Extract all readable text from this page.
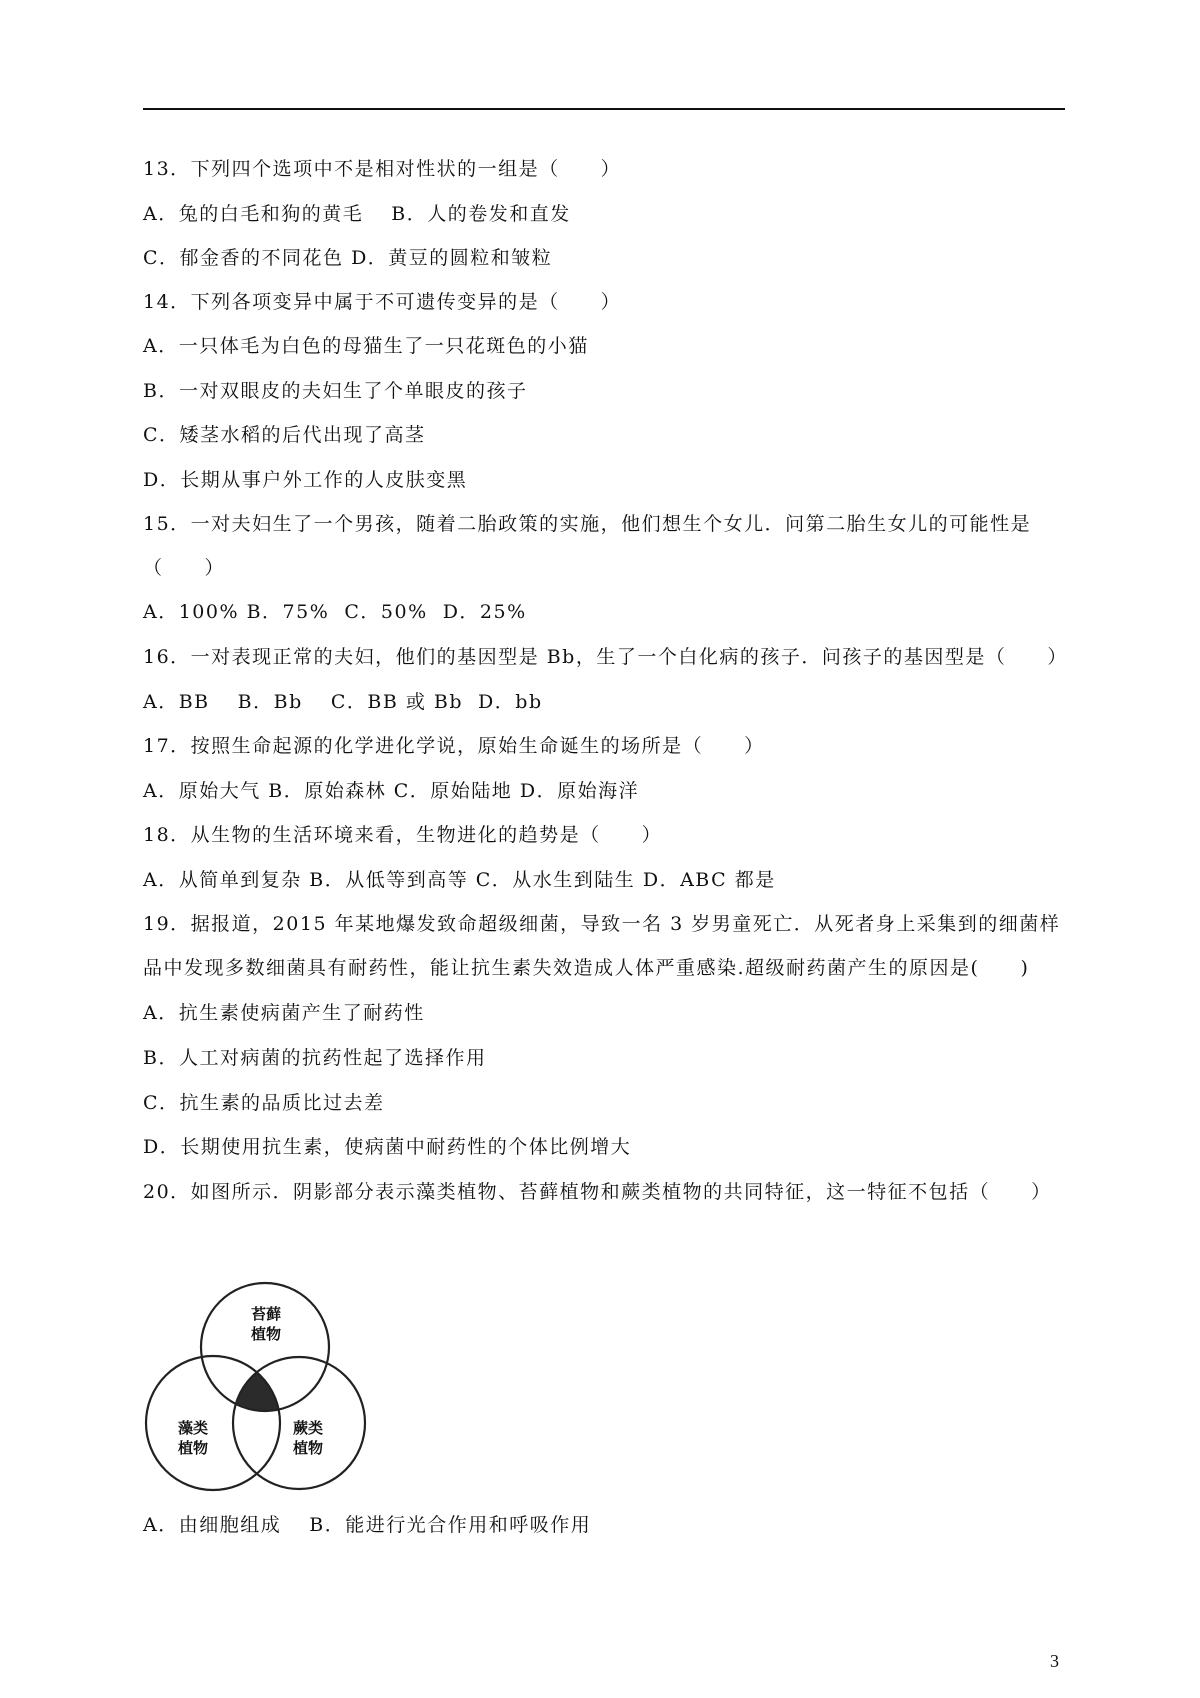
13．下列四个选项中不是相对性状的一组是（　　）
A．兔的白毛和狗的黄毛　 B．人的卷发和直发
C．郁金香的不同花色 D．黄豆的圆粒和皱粒
14．下列各项变异中属于不可遗传变异的是（　　）
A．一只体毛为白色的母猫生了一只花斑色的小猫
B．一对双眼皮的夫妇生了个单眼皮的孩子
C．矮茎水稻的后代出现了高茎
D．长期从事户外工作的人皮肤变黑
15．一对夫妇生了一个男孩，随着二胎政策的实施，他们想生个女儿．问第二胎生女儿的可能性是
（　　）
A．100% B．75%  C．50%  D．25%
16．一对表现正常的夫妇，他们的基因型是 Bb，生了一个白化病的孩子．问孩子的基因型是（　　）
A．BB　 B．Bb　 C．BB 或 Bb  D．bb
17．按照生命起源的化学进化学说，原始生命诞生的场所是（　　）
A．原始大气 B．原始森林 C．原始陆地 D．原始海洋
18．从生物的生活环境来看，生物进化的趋势是（　　）
A．从简单到复杂 B．从低等到高等 C．从水生到陆生 D．ABC 都是
19．据报道，2015 年某地爆发致命超级细菌，导致一名 3 岁男童死亡．从死者身上采集到的细菌样
品中发现多数细菌具有耐药性，能让抗生素失效造成人体严重感染.超级耐药菌产生的原因是(　　)
A．抗生素使病菌产生了耐药性
B．人工对病菌的抗药性起了选择作用
C．抗生素的品质比过去差
D．长期使用抗生素，使病菌中耐药性的个体比例增大
20．如图所示．阴影部分表示藻类植物、苔藓植物和蕨类植物的共同特征，这一特征不包括（　　）
苔藓
植物
藻类
植物
蕨类
植物
A．由细胞组成　 B．能进行光合作用和呼吸作用
3
